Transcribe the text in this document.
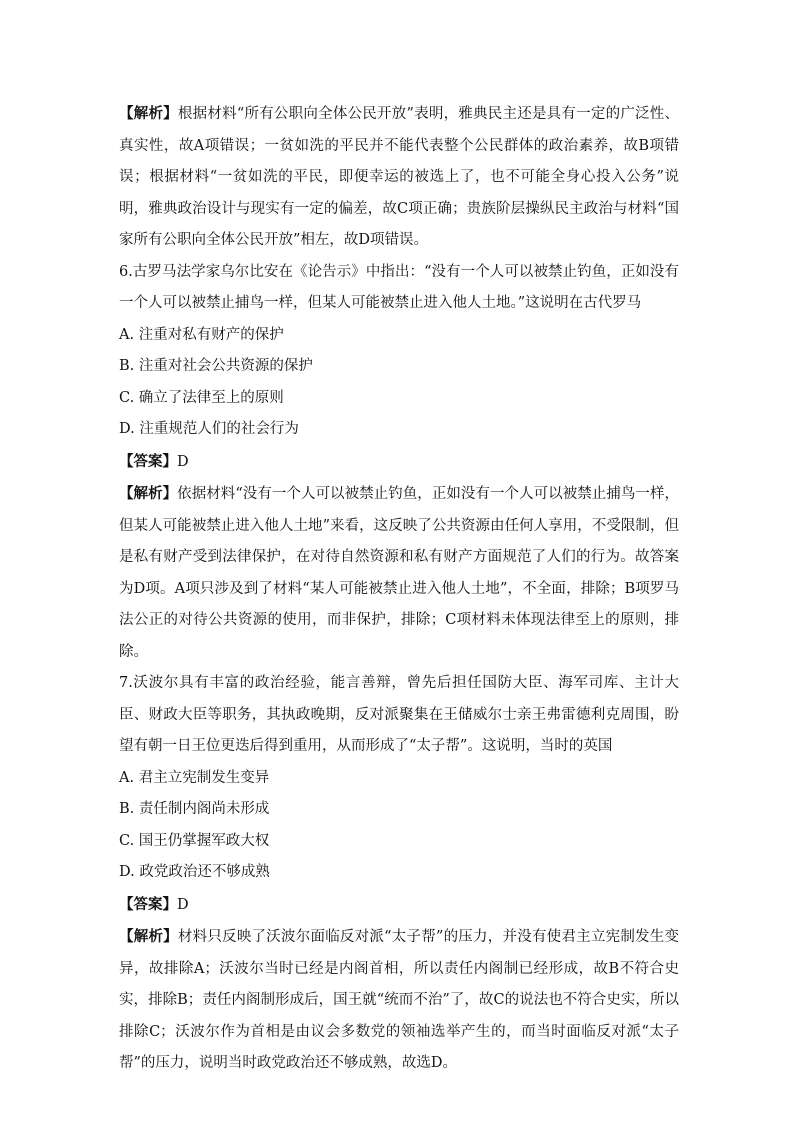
【解析】根据材料“所有公职向全体公民开放”表明，雅典民主还是具有一定的广泛性、真实性，故A项错误；一贫如洗的平民并不能代表整个公民群体的政治素养，故B项错误；根据材料“一贫如洗的平民，即便幸运的被选上了，也不可能全身心投入公务”说明，雅典政治设计与现实有一定的偏差，故C项正确；贵族阶层操纵民主政治与材料“国家所有公职向全体公民开放”相左，故D项错误。

6.古罗马法学家乌尔比安在《论告示》中指出：“没有一个人可以被禁止钓鱼，正如没有一个人可以被禁止捕鸟一样，但某人可能被禁止进入他人土地。”这说明在古代罗马

A. 注重对私有财产的保护

B. 注重对社会公共资源的保护

C. 确立了法律至上的原则

D. 注重规范人们的社会行为

【答案】D

【解析】依据材料“没有一个人可以被禁止钓鱼，正如没有一个人可以被禁止捕鸟一样，但某人可能被禁止进入他人土地”来看，这反映了公共资源由任何人享用，不受限制，但是私有财产受到法律保护，在对待自然资源和私有财产方面规范了人们的行为。故答案为D项。A项只涉及到了材料“某人可能被禁止进入他人土地”，不全面，排除；B项罗马法公正的对待公共资源的使用，而非保护，排除；C项材料未体现法律至上的原则，排除。

7.沃波尔具有丰富的政治经验，能言善辩，曾先后担任国防大臣、海军司库、主计大臣、财政大臣等职务，其执政晚期，反对派聚集在王储威尔士亲王弗雷德利克周围，盼望有朝一日王位更迭后得到重用，从而形成了“太子帮”。这说明，当时的英国

A. 君主立宪制发生变异

B. 责任制内阁尚未形成

C. 国王仍掌握军政大权

D. 政党政治还不够成熟

【答案】D

【解析】材料只反映了沃波尔面临反对派“太子帮”的压力，并没有使君主立宪制发生变异，故排除A；沃波尔当时已经是内阁首相，所以责任内阁制已经形成，故B不符合史实，排除B；责任内阁制形成后，国王就“统而不治”了，故C的说法也不符合史实，所以排除C；沃波尔作为首相是由议会多数党的领袖选举产生的，而当时面临反对派“太子帮”的压力，说明当时政党政治还不够成熟，故选D。
